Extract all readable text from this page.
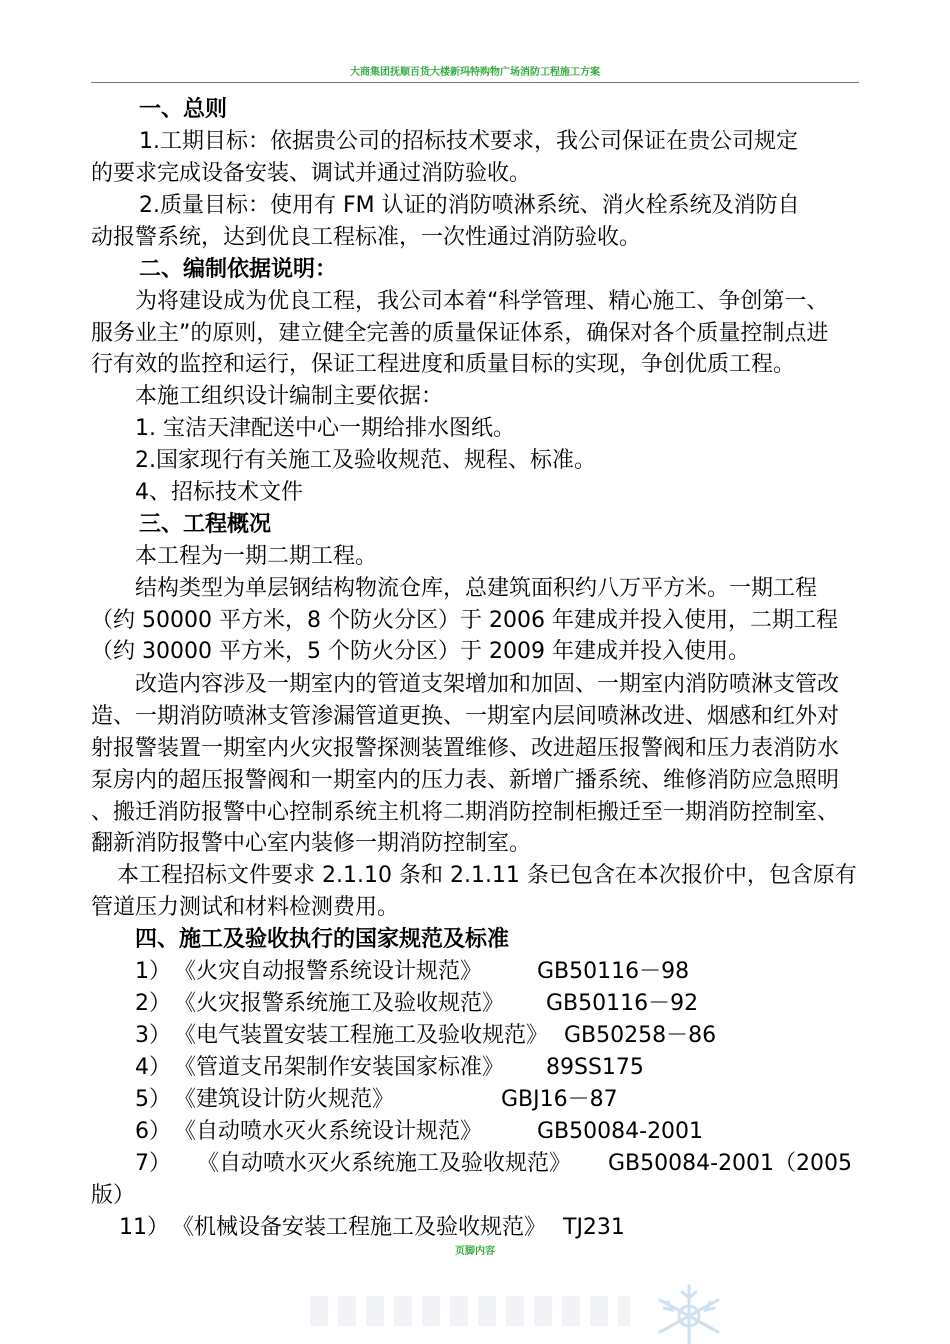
大商集团抚顺百货大楼新玛特购物广场消防工程施工方案
一、总则
1.工期目标：依据贵公司的招标技术要求，我公司保证在贵公司规定
的要求完成设备安装、调试并通过消防验收。
2.质量目标：使用有 FM 认证的消防喷淋系统、消火栓系统及消防自
动报警系统，达到优良工程标准，一次性通过消防验收。
二、编制依据说明：
为将建设成为优良工程，我公司本着“科学管理、精心施工、争创第一、
服务业主”的原则，建立健全完善的质量保证体系，确保对各个质量控制点进
行有效的监控和运行，保证工程进度和质量目标的实现，争创优质工程。
本施工组织设计编制主要依据：
1. 宝洁天津配送中心一期给排水图纸。
2.国家现行有关施工及验收规范、规程、标准。
4、招标技术文件
三、工程概况
本工程为一期二期工程。
结构类型为单层钢结构物流仓库，总建筑面积约八万平方米。一期工程
（约 50000 平方米，8 个防火分区）于 2006 年建成并投入使用，二期工程
（约 30000 平方米，5 个防火分区）于 2009 年建成并投入使用。
改造内容涉及一期室内的管道支架增加和加固、一期室内消防喷淋支管改
造、一期消防喷淋支管渗漏管道更换、一期室内层间喷淋改进、烟感和红外对
射报警装置一期室内火灾报警探测装置维修、改进超压报警阀和压力表消防水
泵房内的超压报警阀和一期室内的压力表、新增广播系统、维修消防应急照明
、搬迁消防报警中心控制系统主机将二期消防控制柜搬迁至一期消防控制室、
翻新消防报警中心室内装修一期消防控制室。
本工程招标文件要求 2.1.10 条和 2.1.11 条已包含在本次报价中，包含原有
管道压力测试和材料检测费用。
四、施工及验收执行的国家规范及标准
1） 《火灾自动报警系统设计规范》 GB50116－98
2） 《火灾报警系统施工及验收规范》 GB50116－92
3） 《电气装置安装工程施工及验收规范》 GB50258－86
4） 《管道支吊架制作安装国家标准》 89SS175
5） 《建筑设计防火规范》	GBJ16－87
6） 《自动喷水灭火系统设计规范》 GB50084-2001
7） 《自动喷水灭火系统施工及验收规范》 GB50084-2001（2005
版）
11） 《机械设备安装工程施工及验收规范》 TJ231
页脚内容
